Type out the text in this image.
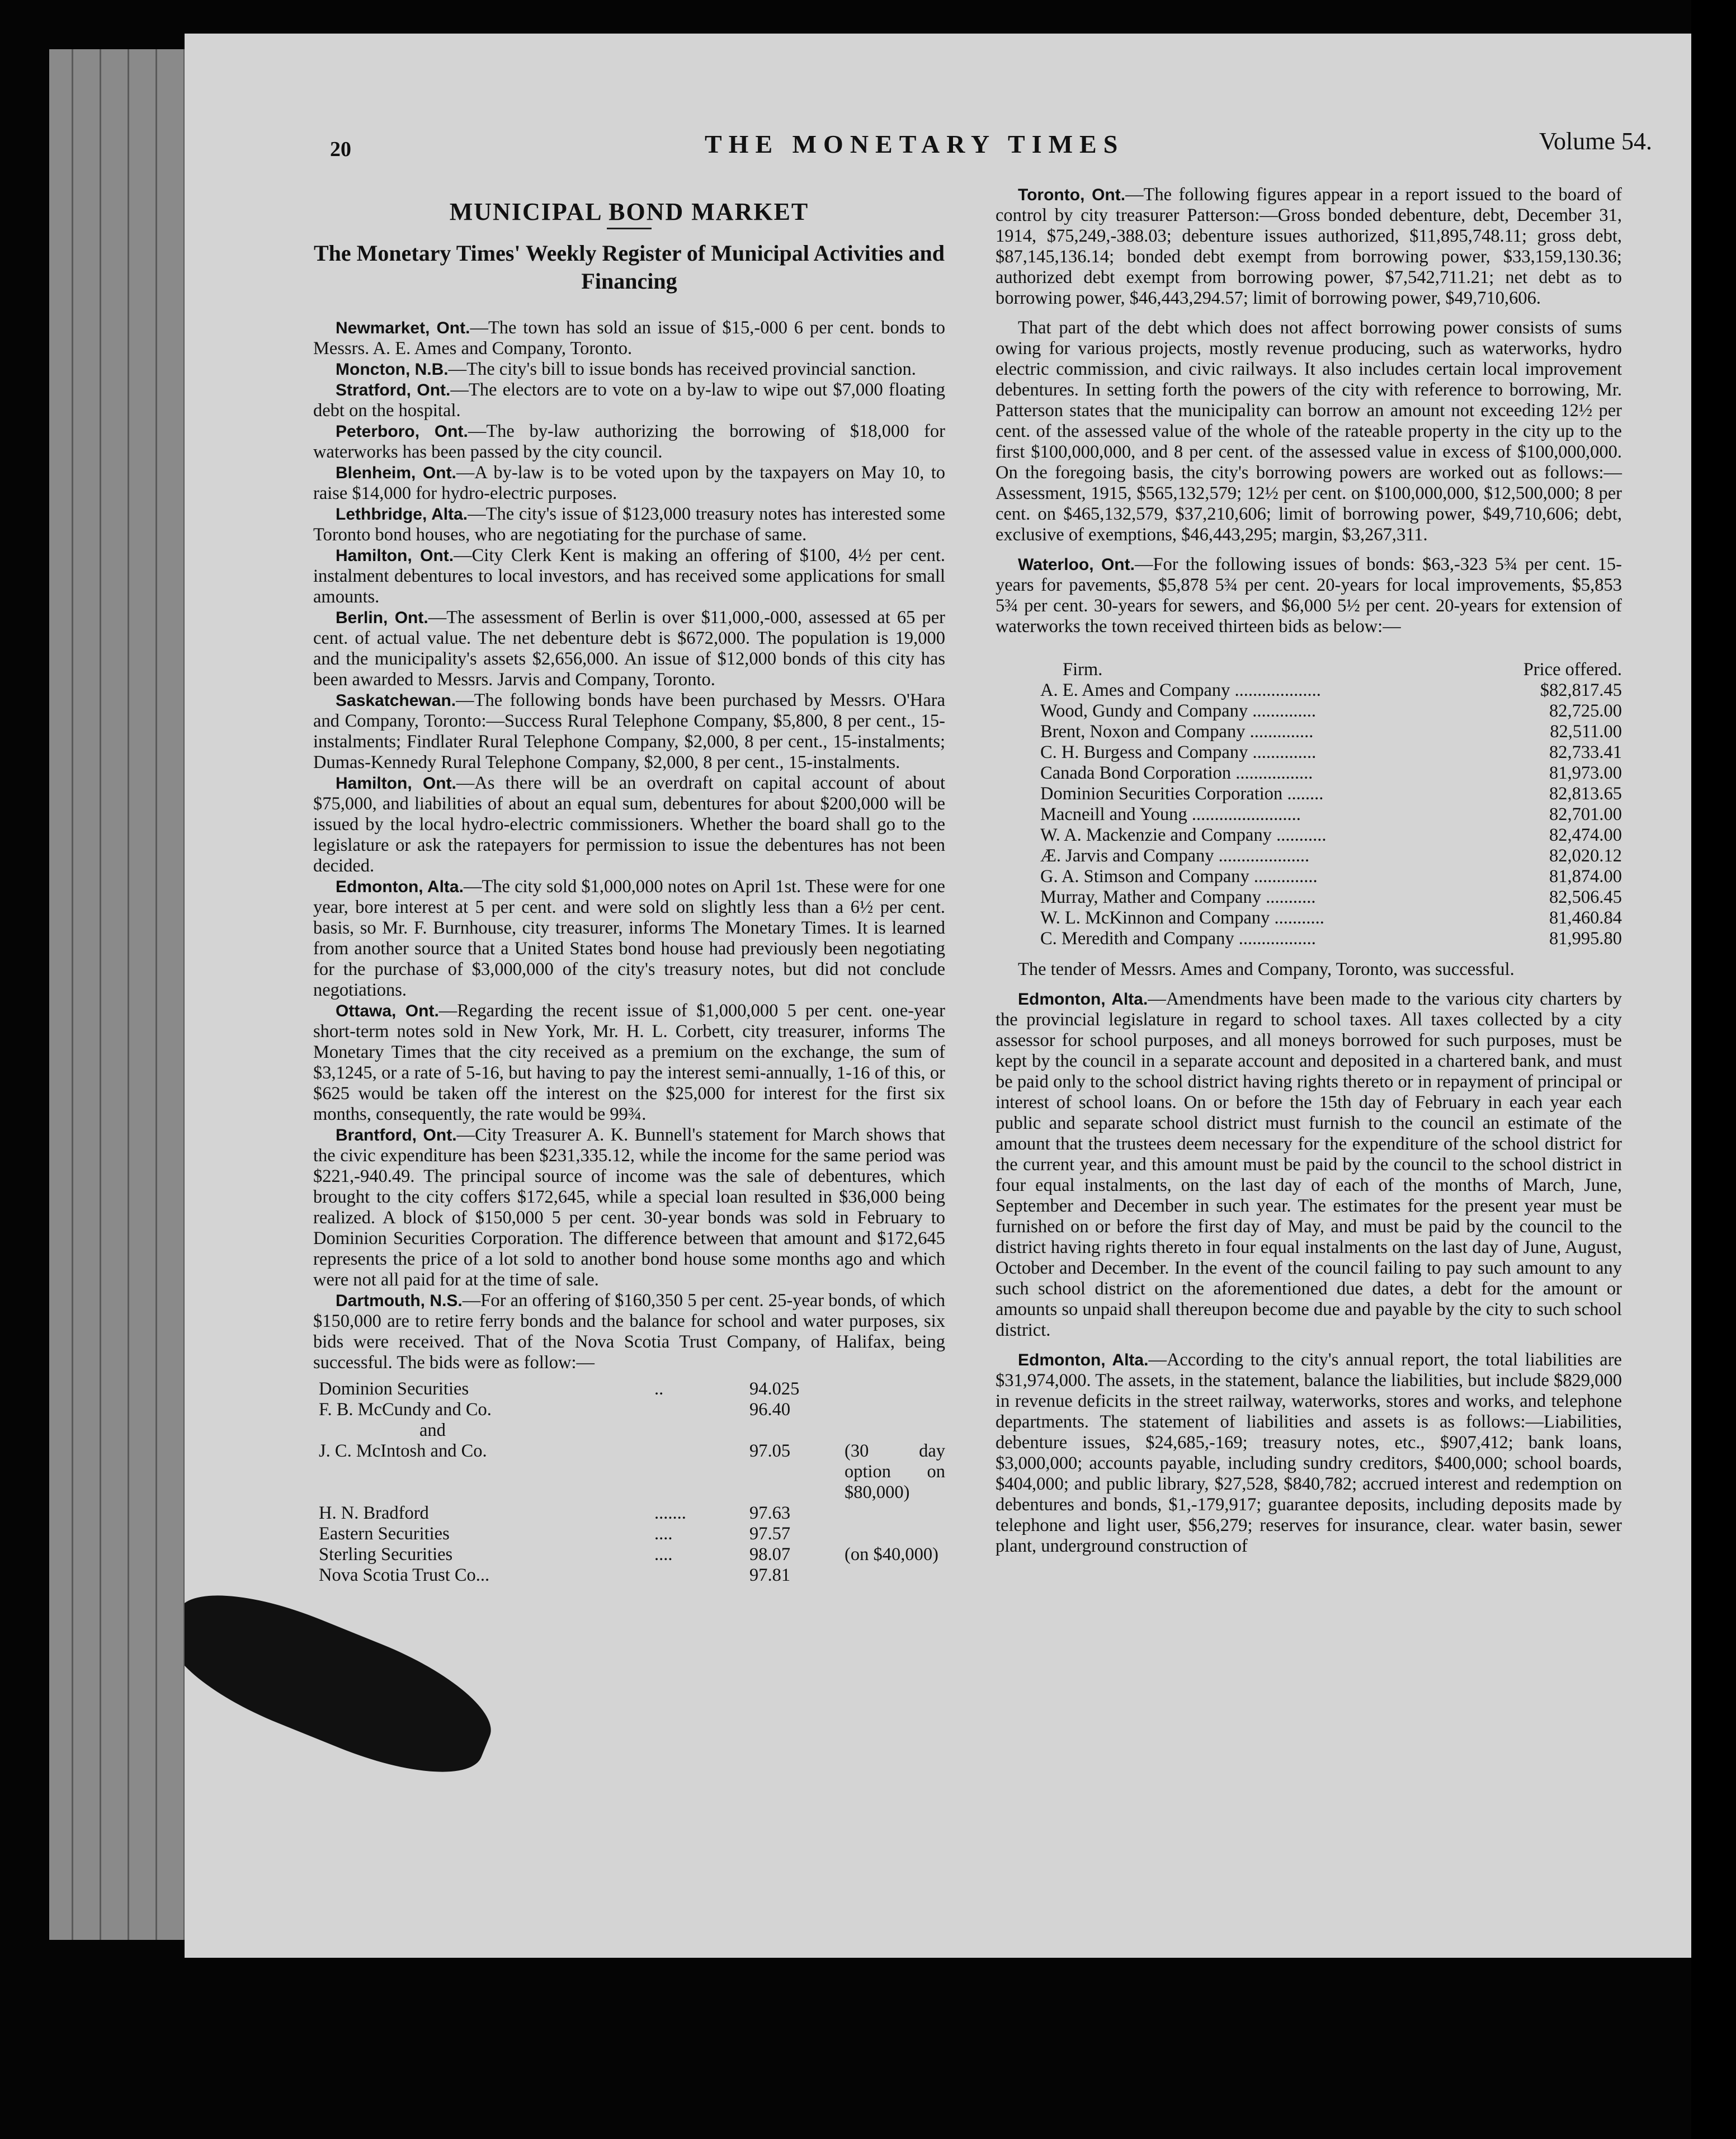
20	THE MONETARY TIMES	Volume 54.
MUNICIPAL BOND MARKET
The Monetary Times' Weekly Register of Municipal Activities and Financing

Newmarket, Ont.—The town has sold an issue of $15,-000 6 per cent. bonds to Messrs. A. E. Ames and Company, Toronto.

Moncton, N.B.—The city's bill to issue bonds has received provincial sanction.

Stratford, Ont.—The electors are to vote on a by-law to wipe out $7,000 floating debt on the hospital.

Peterboro, Ont.—The by-law authorizing the borrowing of $18,000 for waterworks has been passed by the city council.

Blenheim, Ont.—A by-law is to be voted upon by the taxpayers on May 10, to raise $14,000 for hydro-electric purposes.

Lethbridge, Alta.—The city's issue of $123,000 treasury notes has interested some Toronto bond houses, who are negotiating for the purchase of same.

Hamilton, Ont.—City Clerk Kent is making an offering of $100, 4½ per cent. instalment debentures to local investors, and has received some applications for small amounts.

Berlin, Ont.—The assessment of Berlin is over $11,000,-000, assessed at 65 per cent. of actual value. The net debenture debt is $672,000. The population is 19,000 and the municipality's assets $2,656,000. An issue of $12,000 bonds of this city has been awarded to Messrs. Jarvis and Company, Toronto.

Saskatchewan.—The following bonds have been purchased by Messrs. O'Hara and Company, Toronto:—Success Rural Telephone Company, $5,800, 8 per cent., 15-instalments; Findlater Rural Telephone Company, $2,000, 8 per cent., 15-instalments; Dumas-Kennedy Rural Telephone Company, $2,000, 8 per cent., 15-instalments.

Hamilton, Ont.—As there will be an overdraft on capital account of about $75,000, and liabilities of about an equal sum, debentures for about $200,000 will be issued by the local hydro-electric commissioners. Whether the board shall go to the legislature or ask the ratepayers for permission to issue the debentures has not been decided.

Edmonton, Alta.—The city sold $1,000,000 notes on April 1st. These were for one year, bore interest at 5 per cent. and were sold on slightly less than a 6½ per cent. basis, so Mr. F. Burnhouse, city treasurer, informs The Monetary Times. It is learned from another source that a United States bond house had previously been negotiating for the purchase of $3,000,000 of the city's treasury notes, but did not conclude negotiations.

Ottawa, Ont.—Regarding the recent issue of $1,000,000 5 per cent. one-year short-term notes sold in New York, Mr. H. L. Corbett, city treasurer, informs The Monetary Times that the city received as a premium on the exchange, the sum of $3,1245, or a rate of 5-16, but having to pay the interest semi-annually, 1-16 of this, or $625 would be taken off the interest on the $25,000 for interest for the first six months, consequently, the rate would be 99¾.

Brantford, Ont.—City Treasurer A. K. Bunnell's statement for March shows that the civic expenditure has been $231,335.12, while the income for the same period was $221,-940.49. The principal source of income was the sale of debentures, which brought to the city coffers $172,645, while a special loan resulted in $36,000 being realized. A block of $150,000 5 per cent. 30-year bonds was sold in February to Dominion Securities Corporation. The difference between that amount and $172,645 represents the price of a lot sold to another bond house some months ago and which were not all paid for at the time of sale.

Dartmouth, N.S.—For an offering of $160,350 5 per cent. 25-year bonds, of which $150,000 are to retire ferry bonds and the balance for school and water purposes, six bids were received. That of the Nova Scotia Trust Company, of Halifax, being successful. The bids were as follow:—

Dominion Securities	..	94.025	
F. B. McCundy and Co.		96.40	
and			
J. C. McIntosh and Co.		97.05	(30 day option on $80,000)
H. N. Bradford	.......	97.63	
Eastern Securities	....	97.57	
Sterling Securities	....	98.07	(on $40,000)
Nova Scotia Trust Co...		97.81	

Toronto, Ont.—The following figures appear in a report issued to the board of control by city treasurer Patterson:—Gross bonded debenture, debt, December 31, 1914, $75,249,-388.03; debenture issues authorized, $11,895,748.11; gross debt, $87,145,136.14; bonded debt exempt from borrowing power, $33,159,130.36; authorized debt exempt from borrowing power, $7,542,711.21; net debt as to borrowing power, $46,443,294.57; limit of borrowing power, $49,710,606.

That part of the debt which does not affect borrowing power consists of sums owing for various projects, mostly revenue producing, such as waterworks, hydro electric commission, and civic railways. It also includes certain local improvement debentures. In setting forth the powers of the city with reference to borrowing, Mr. Patterson states that the municipality can borrow an amount not exceeding 12½ per cent. of the assessed value of the whole of the rateable property in the city up to the first $100,000,000, and 8 per cent. of the assessed value in excess of $100,000,000. On the foregoing basis, the city's borrowing powers are worked out as follows:—Assessment, 1915, $565,132,579; 12½ per cent. on $100,000,000, $12,500,000; 8 per cent. on $465,132,579, $37,210,606; limit of borrowing power, $49,710,606; debt, exclusive of exemptions, $46,443,295; margin, $3,267,311.

Waterloo, Ont.—For the following issues of bonds: $63,-323 5¾ per cent. 15-years for pavements, $5,878 5¾ per cent. 20-years for local improvements, $5,853 5¾ per cent. 30-years for sewers, and $6,000 5½ per cent. 20-years for extension of waterworks the town received thirteen bids as below:—

Firm.	Price offered.
A. E. Ames and Company ...................	$82,817.45
Wood, Gundy and Company ..............	82,725.00
Brent, Noxon and Company ..............	82,511.00
C. H. Burgess and Company ..............	82,733.41
Canada Bond Corporation .................	81,973.00
Dominion Securities Corporation ........	82,813.65
Macneill and Young ........................	82,701.00
W. A. Mackenzie and Company ...........	82,474.00
Æ. Jarvis and Company ....................	82,020.12
G. A. Stimson and Company ..............	81,874.00
Murray, Mather and Company ...........	82,506.45
W. L. McKinnon and Company ...........	81,460.84
C. Meredith and Company .................	81,995.80

The tender of Messrs. Ames and Company, Toronto, was successful.

Edmonton, Alta.—Amendments have been made to the various city charters by the provincial legislature in regard to school taxes. All taxes collected by a city assessor for school purposes, and all moneys borrowed for such purposes, must be kept by the council in a separate account and deposited in a chartered bank, and must be paid only to the school district having rights thereto or in repayment of principal or interest of school loans. On or before the 15th day of February in each year each public and separate school district must furnish to the council an estimate of the amount that the trustees deem necessary for the expenditure of the school district for the current year, and this amount must be paid by the council to the school district in four equal instalments, on the last day of each of the months of March, June, September and December in such year. The estimates for the present year must be furnished on or before the first day of May, and must be paid by the council to the district having rights thereto in four equal instalments on the last day of June, August, October and December. In the event of the council failing to pay such amount to any such school district on the aforementioned due dates, a debt for the amount or amounts so unpaid shall thereupon become due and payable by the city to such school district.

Edmonton, Alta.—According to the city's annual report, the total liabilities are $31,974,000. The assets, in the statement, balance the liabilities, but include $829,000 in revenue deficits in the street railway, waterworks, stores and works, and telephone departments. The statement of liabilities and assets is as follows:—Liabilities, debenture issues, $24,685,-169; treasury notes, etc., $907,412; bank loans, $3,000,000; accounts payable, including sundry creditors, $400,000; school boards, $404,000; and public library, $27,528, $840,782; accrued interest and redemption on debentures and bonds, $1,-179,917; guarantee deposits, including deposits made by telephone and light user, $56,279; reserves for insurance, clear. water basin, sewer plant, underground construction of
